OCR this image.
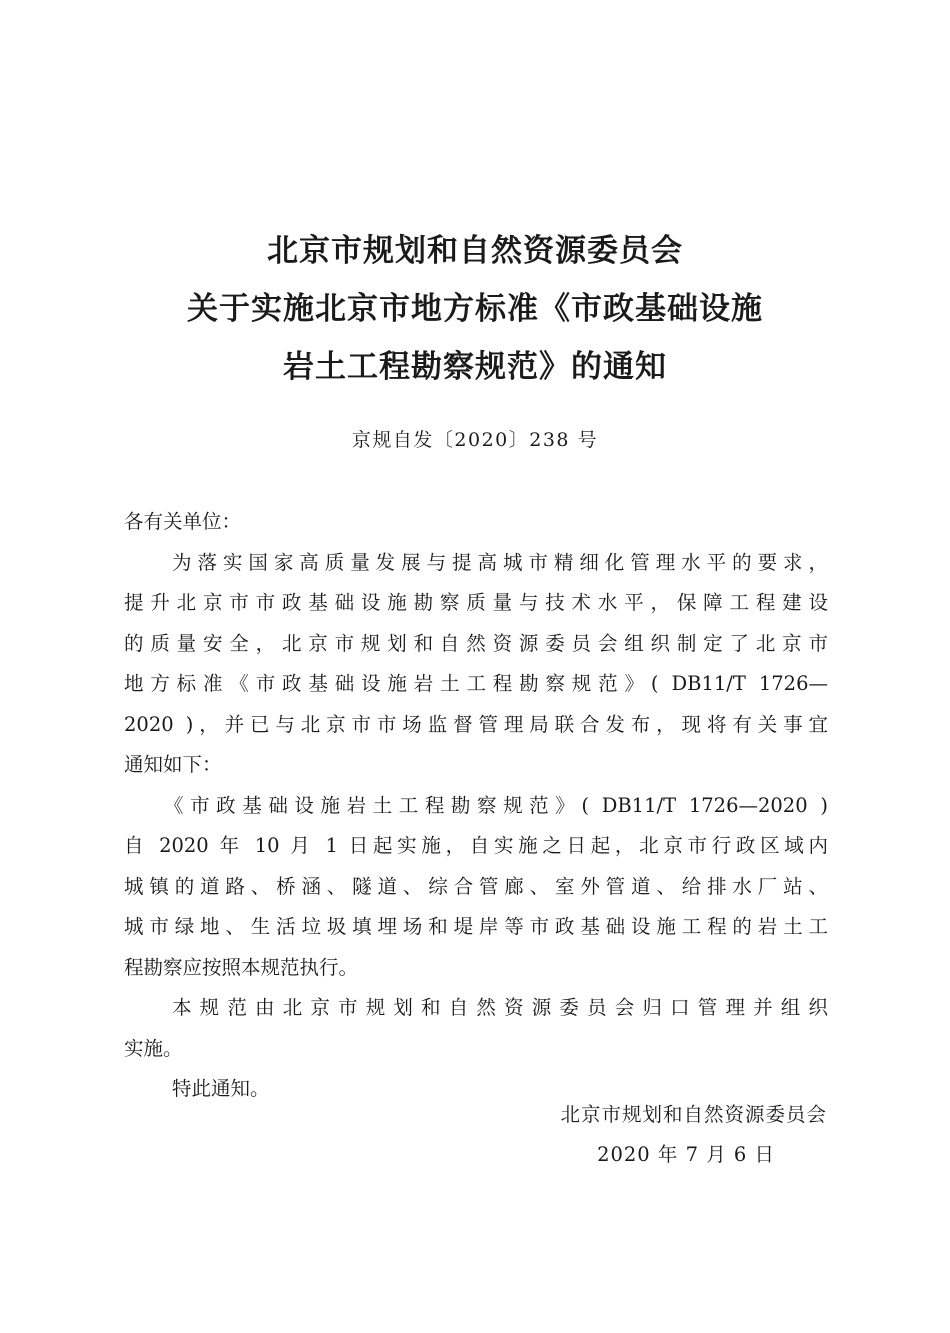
北京市规划和自然资源委员会
关于实施北京市地方标准《市政基础设施
岩土工程勘察规范》的通知
京规自发〔2020〕238 号

各有关单位：

为落实国家高质量发展与提高城市精细化管理水平的要求，

提升北京市市政基础设施勘察质量与技术水平，保障工程建设

的质量安全，北京市规划和自然资源委员会组织制定了北京市

地方标准《市政基础设施岩土工程勘察规范》( DB11/T 1726—

2020 )，并已与北京市市场监督管理局联合发布，现将有关事宜

通知如下：

《市政基础设施岩土工程勘察规范》( DB11/T 1726—2020 )

自 2020 年 10 月 1 日起实施，自实施之日起，北京市行政区域内

城镇的道路、桥涵、隧道、综合管廊、室外管道、给排水厂站、

城市绿地、生活垃圾填埋场和堤岸等市政基础设施工程的岩土工

程勘察应按照本规范执行。

本规范由北京市规划和自然资源委员会归口管理并组织

实施。

特此通知。

北京市规划和自然资源委员会
2020 年 7 月 6 日
